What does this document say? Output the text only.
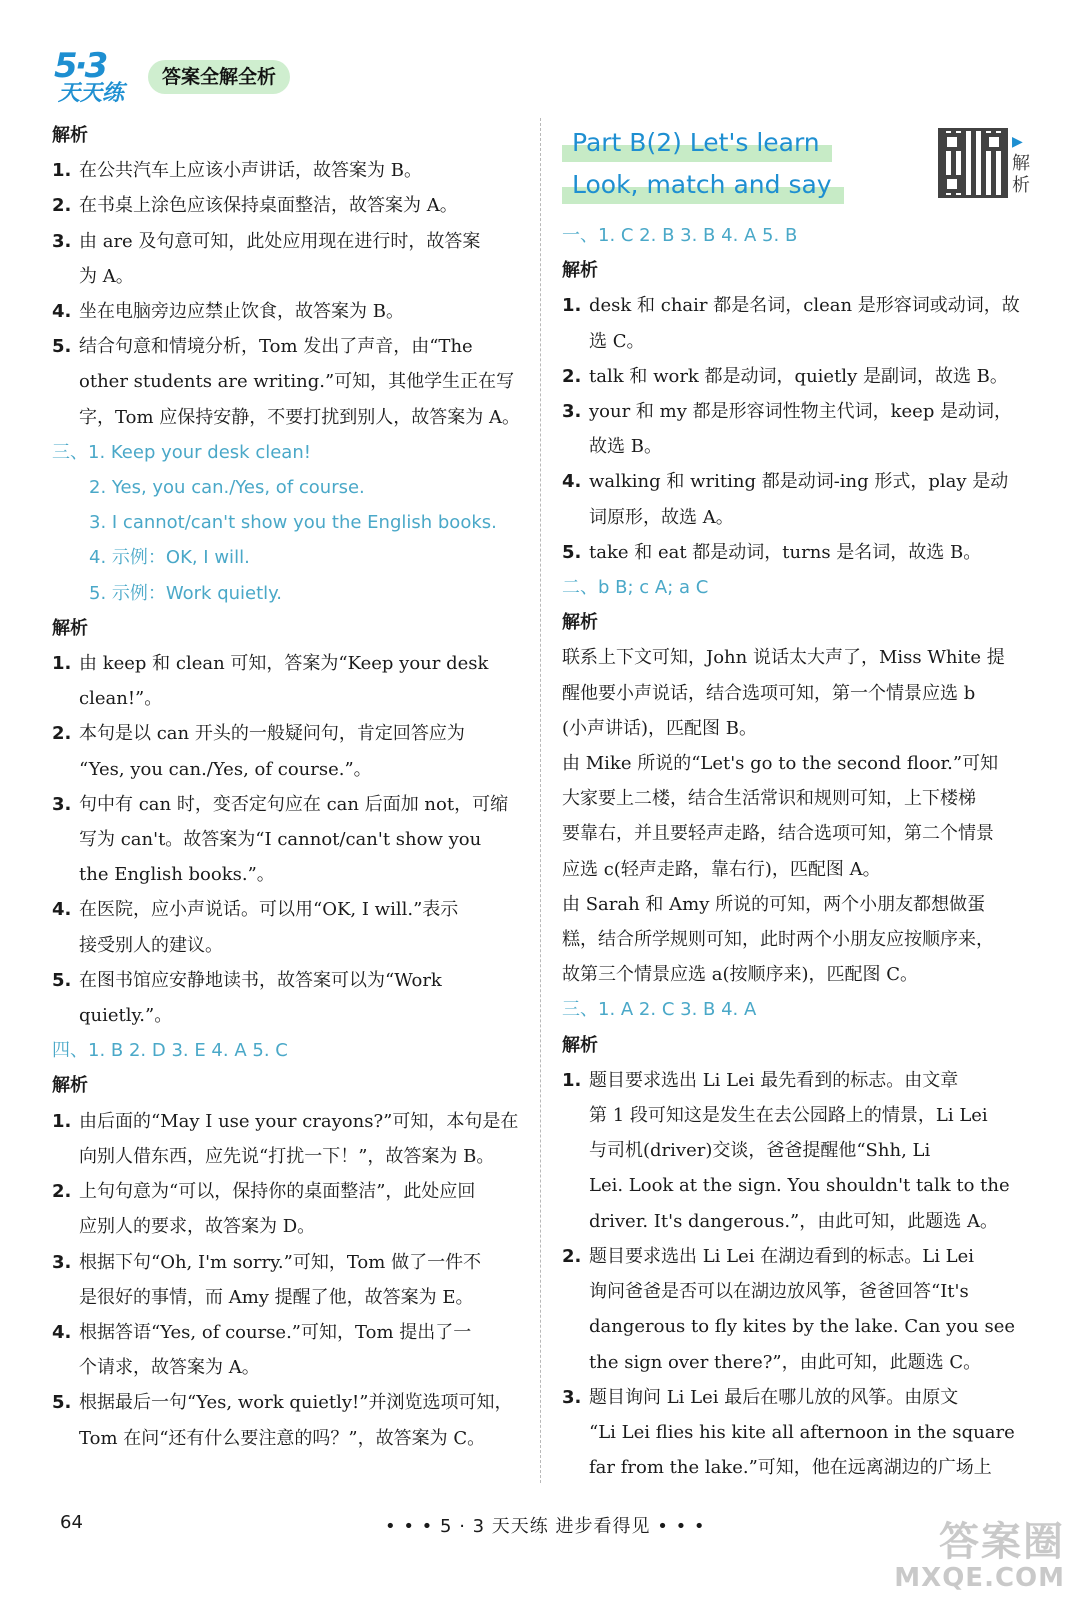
5·3
天天练
答案全解全析
解析
1. 在公共汽车上应该小声讲话，故答案为 B。
2. 在书桌上涂色应该保持桌面整洁，故答案为 A。
3. 由 are 及句意可知，此处应用现在进行时，故答案
为 A。
4. 坐在电脑旁边应禁止饮食，故答案为 B。
5. 结合句意和情境分析，Tom 发出了声音，由“The
other students are writing.”可知，其他学生正在写
字，Tom 应保持安静，不要打扰到别人，故答案为 A。
三、1. Keep your desk clean!
2. Yes, you can./Yes, of course.
3. I cannot/can't show you the English books.
4. 示例：OK, I will.
5. 示例：Work quietly.
解析
1. 由 keep 和 clean 可知，答案为“Keep your desk
clean!”。
2. 本句是以 can 开头的一般疑问句，肯定回答应为
“Yes, you can./Yes, of course.”。
3. 句中有 can 时，变否定句应在 can 后面加 not，可缩
写为 can't。故答案为“I cannot/can't show you
the English books.”。
4. 在医院，应小声说话。可以用“OK, I will.”表示
接受别人的建议。
5. 在图书馆应安静地读书，故答案可以为“Work
quietly.”。
四、1. B 2. D 3. E 4. A 5. C
解析
1. 由后面的“May I use your crayons?”可知，本句是在
向别人借东西，应先说“打扰一下！”，故答案为 B。
2. 上句句意为“可以，保持你的桌面整洁”，此处应回
应别人的要求，故答案为 D。
3. 根据下句“Oh, I'm sorry.”可知，Tom 做了一件不
是很好的事情，而 Amy 提醒了他，故答案为 E。
4. 根据答语“Yes, of course.”可知，Tom 提出了一
个请求，故答案为 A。
5. 根据最后一句“Yes, work quietly!”并浏览选项可知，
Tom 在问“还有什么要注意的吗？”，故答案为 C。
Part B(2) Let's learn
Look, match and say
一、1. C 2. B 3. B 4. A 5. B
解析
1. desk 和 chair 都是名词，clean 是形容词或动词，故
选 C。
2. talk 和 work 都是动词，quietly 是副词，故选 B。
3. your 和 my 都是形容词性物主代词，keep 是动词，
故选 B。
4. walking 和 writing 都是动词-ing 形式，play 是动
词原形，故选 A。
5. take 和 eat 都是动词，turns 是名词，故选 B。
二、b B; c A; a C
解析
联系上下文可知，John 说话太大声了，Miss White 提
醒他要小声说话，结合选项可知，第一个情景应选 b
(小声讲话)，匹配图 B。
由 Mike 所说的“Let's go to the second floor.”可知
大家要上二楼，结合生活常识和规则可知，上下楼梯
要靠右，并且要轻声走路，结合选项可知，第二个情景
应选 c(轻声走路，靠右行)，匹配图 A。
由 Sarah 和 Amy 所说的可知，两个小朋友都想做蛋
糕，结合所学规则可知，此时两个小朋友应按顺序来，
故第三个情景应选 a(按顺序来)，匹配图 C。
三、1. A 2. C 3. B 4. A
解析
1. 题目要求选出 Li Lei 最先看到的标志。由文章
第 1 段可知这是发生在去公园路上的情景，Li Lei
与司机(driver)交谈，爸爸提醒他“Shh, Li
Lei. Look at the sign. You shouldn't talk to the
driver. It's dangerous.”，由此可知，此题选 A。
2. 题目要求选出 Li Lei 在湖边看到的标志。Li Lei
询问爸爸是否可以在湖边放风筝，爸爸回答“It's
dangerous to fly kites by the lake. Can you see
the sign over there?”，由此可知，此题选 C。
3. 题目询问 Li Lei 最后在哪儿放的风筝。由原文
“Li Lei flies his kite all afternoon in the square
far from the lake.”可知，他在远离湖边的广场上
▶
解析
64	• • • 5 · 3 天天练 进步看得见 • • •	答案圈
MXQE.COM
